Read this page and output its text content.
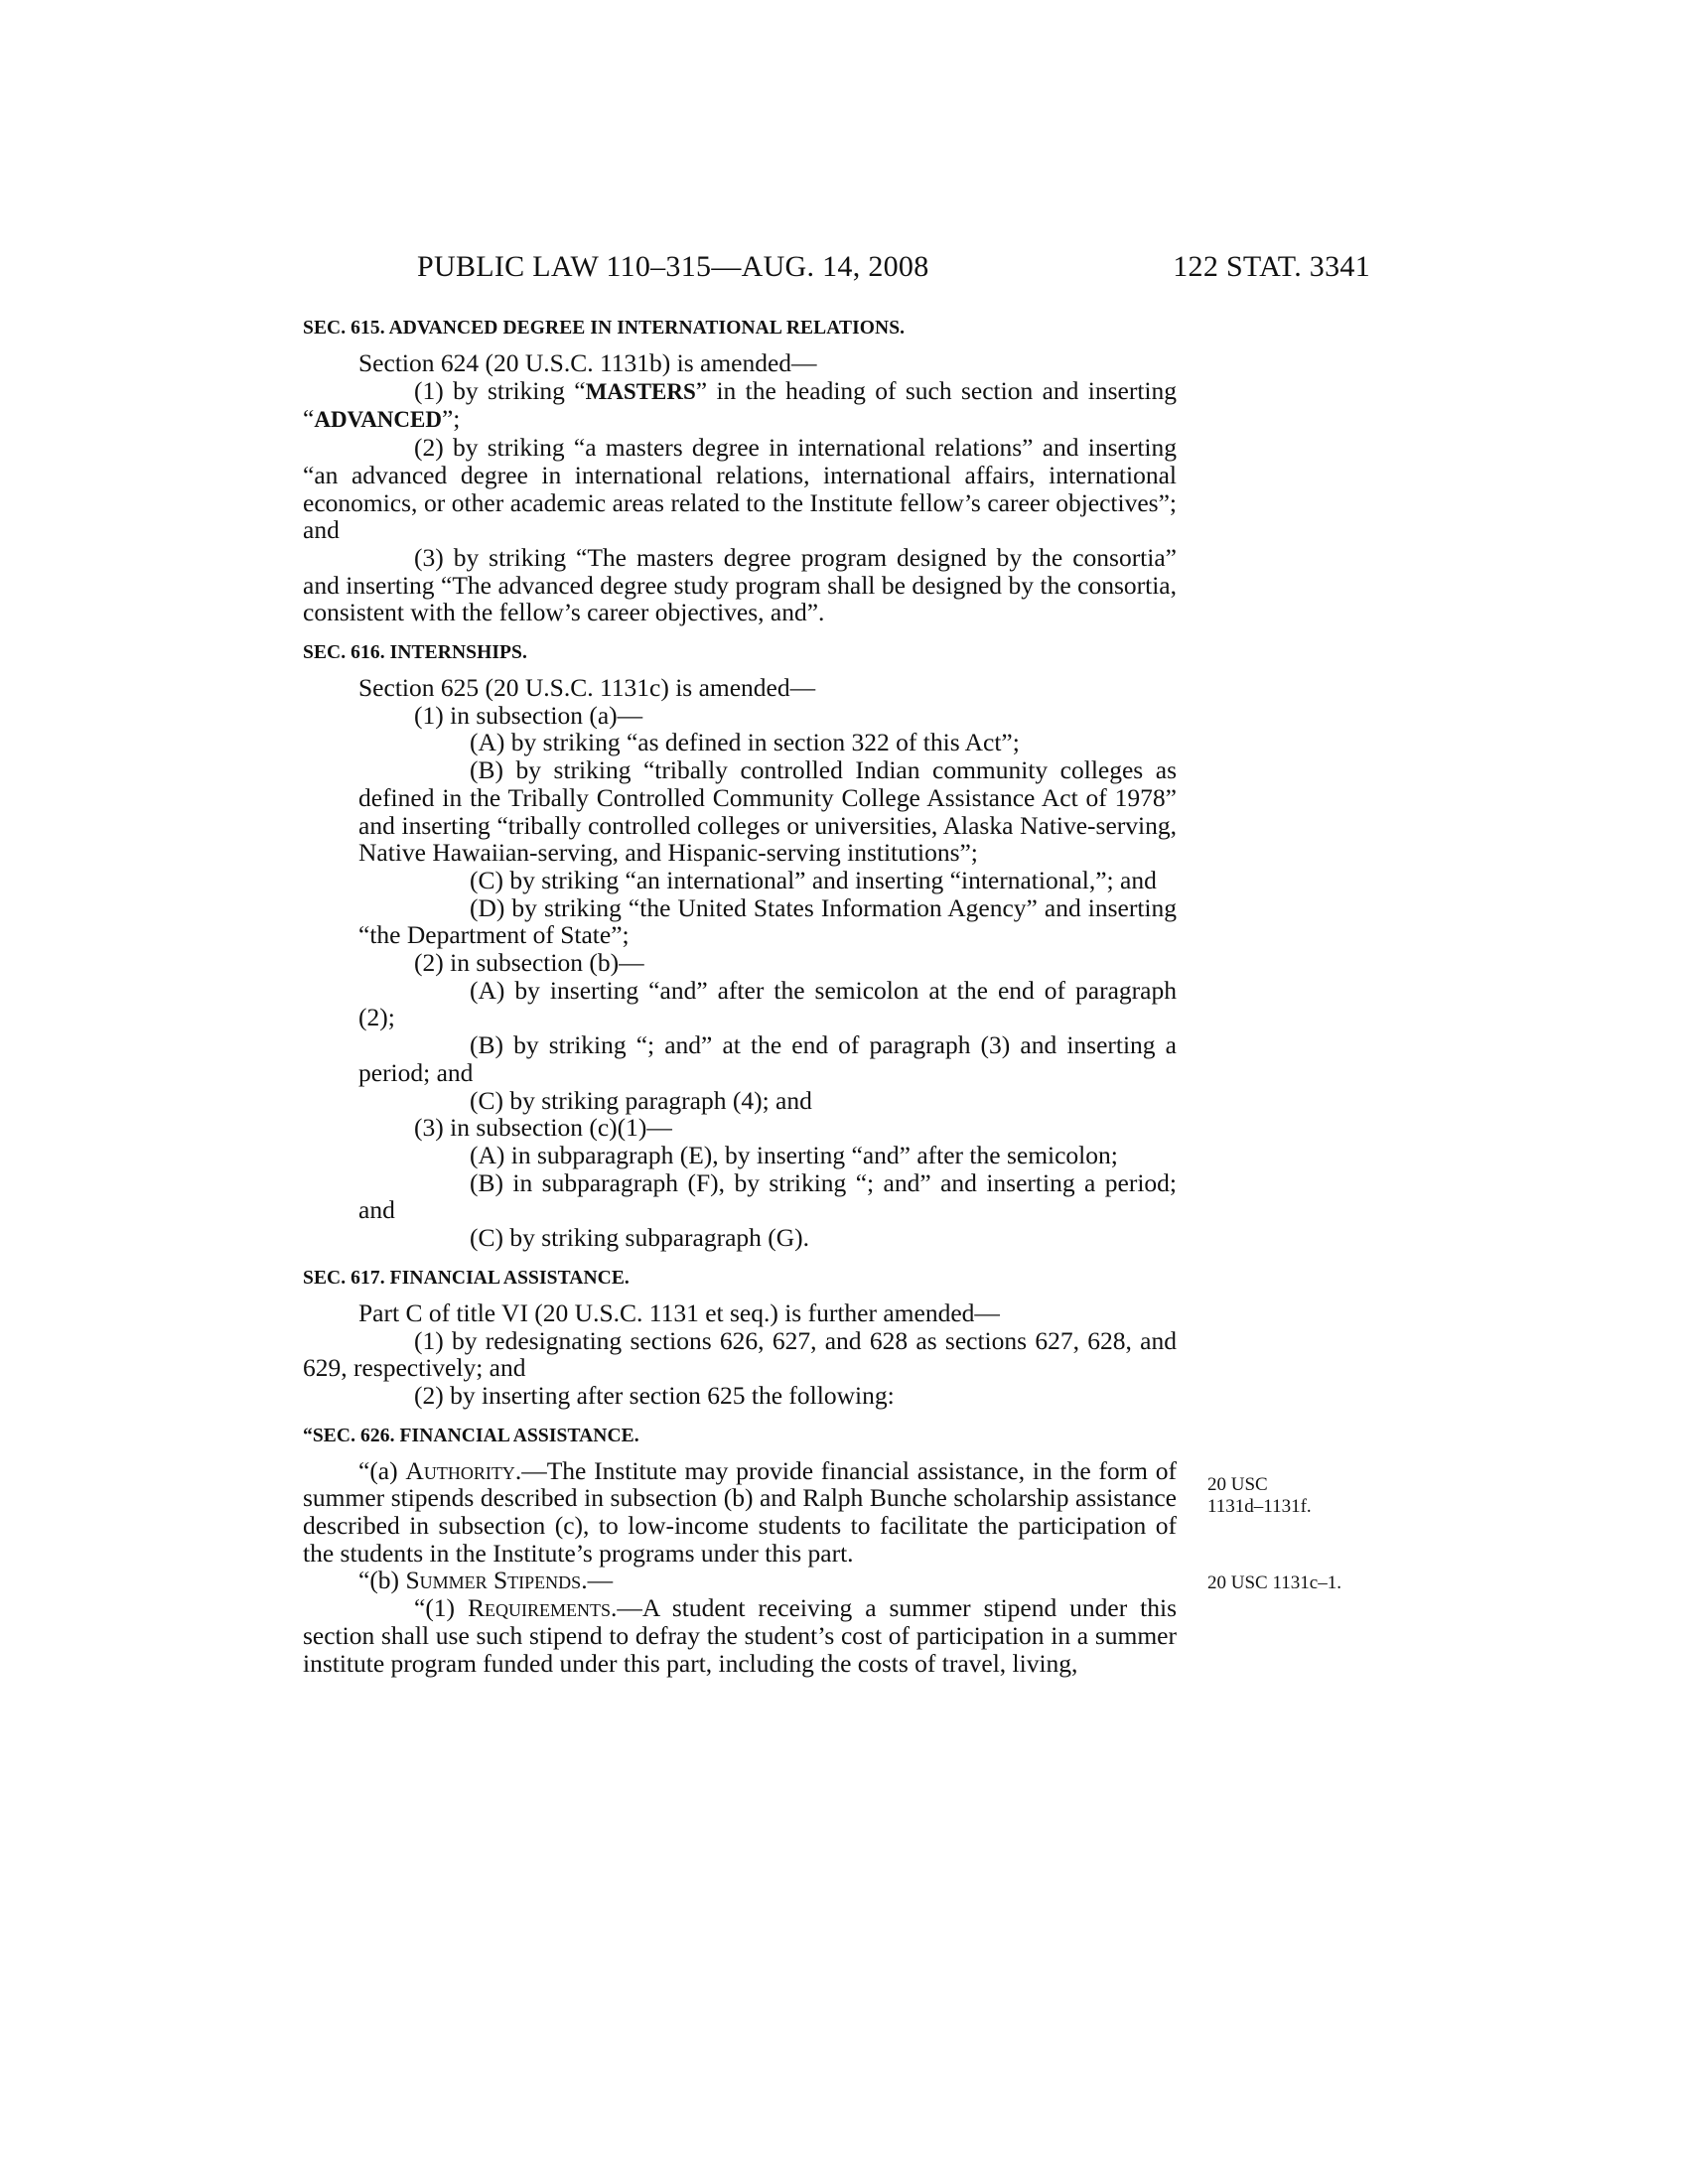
PUBLIC LAW 110–315—AUG. 14, 2008	122 STAT. 3341

SEC. 615. ADVANCED DEGREE IN INTERNATIONAL RELATIONS.

Section 624 (20 U.S.C. 1131b) is amended—

(1) by striking “MASTERS” in the heading of such section and inserting “ADVANCED”;

(2) by striking “a masters degree in international relations” and inserting “an advanced degree in international relations, international affairs, international economics, or other academic areas related to the Institute fellow’s career objectives”; and

(3) by striking “The masters degree program designed by the consortia” and inserting “The advanced degree study program shall be designed by the consortia, consistent with the fellow’s career objectives, and”.

SEC. 616. INTERNSHIPS.

Section 625 (20 U.S.C. 1131c) is amended—

(1) in subsection (a)—

(A) by striking “as defined in section 322 of this Act”;

(B) by striking “tribally controlled Indian community colleges as defined in the Tribally Controlled Community College Assistance Act of 1978” and inserting “tribally controlled colleges or universities, Alaska Native-serving, Native Hawaiian-serving, and Hispanic-serving institutions”;

(C) by striking “an international” and inserting “international,”; and

(D) by striking “the United States Information Agency” and inserting “the Department of State”;

(2) in subsection (b)—

(A) by inserting “and” after the semicolon at the end of paragraph (2);

(B) by striking “; and” at the end of paragraph (3) and inserting a period; and

(C) by striking paragraph (4); and

(3) in subsection (c)(1)—

(A) in subparagraph (E), by inserting “and” after the semicolon;

(B) in subparagraph (F), by striking “; and” and inserting a period; and

(C) by striking subparagraph (G).

SEC. 617. FINANCIAL ASSISTANCE.

Part C of title VI (20 U.S.C. 1131 et seq.) is further amended—

(1) by redesignating sections 626, 627, and 628 as sections 627, 628, and 629, respectively; and

(2) by inserting after section 625 the following:

“SEC. 626. FINANCIAL ASSISTANCE.

“(a) Authority.—The Institute may provide financial assistance, in the form of summer stipends described in subsection (b) and Ralph Bunche scholarship assistance described in subsection (c), to low-income students to facilitate the participation of the students in the Institute’s programs under this part.

“(b) Summer Stipends.—

“(1) Requirements.—A student receiving a summer stipend under this section shall use such stipend to defray the student’s cost of participation in a summer institute program funded under this part, including the costs of travel, living,

20 USC
1131d–1131f.
20 USC 1131c–1.
